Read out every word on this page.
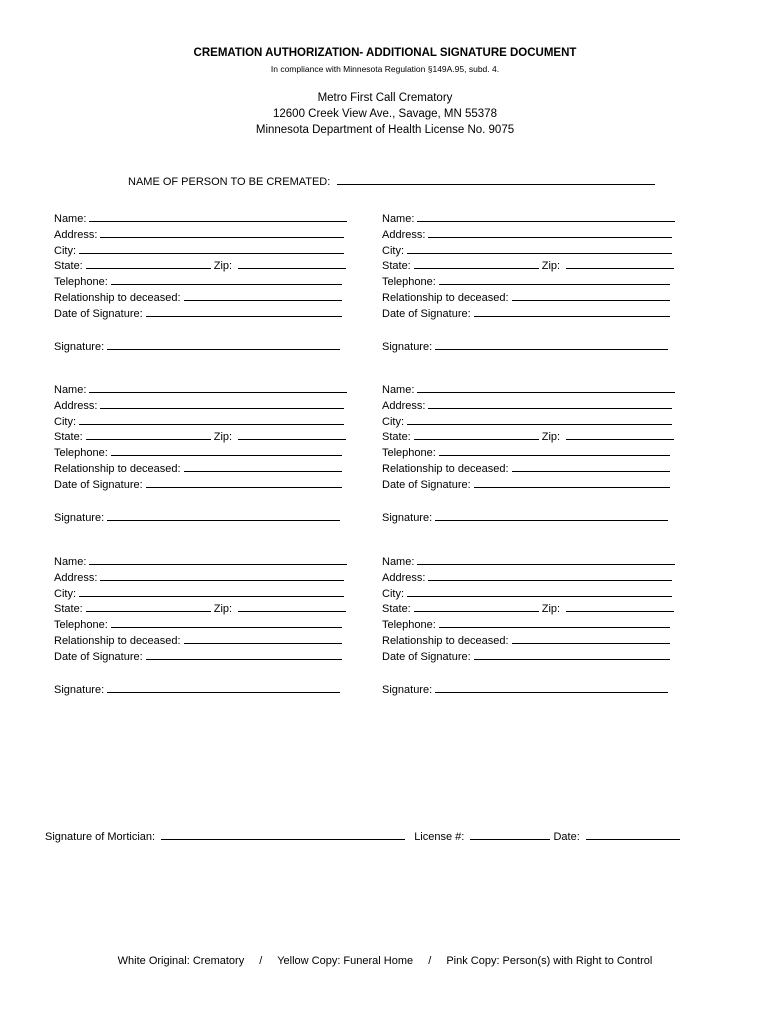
CREMATION AUTHORIZATION- ADDITIONAL SIGNATURE DOCUMENT
In compliance with Minnesota Regulation §149A.95, subd. 4.
Metro First Call Crematory
12600 Creek View Ave., Savage, MN 55378
Minnesota Department of Health License No. 9075
NAME OF PERSON TO BE CREMATED:
Name:
Address:
City:
State:	Zip:
Telephone:
Relationship to deceased:
Date of Signature:
Signature:
Name:
Address:
City:
State:	Zip:
Telephone:
Relationship to deceased:
Date of Signature:
Signature:
Name:
Address:
City:
State:	Zip:
Telephone:
Relationship to deceased:
Date of Signature:
Signature:
Name:
Address:
City:
State:	Zip:
Telephone:
Relationship to deceased:
Date of Signature:
Signature:
Name:
Address:
City:
State:	Zip:
Telephone:
Relationship to deceased:
Date of Signature:
Signature:
Name:
Address:
City:
State:	Zip:
Telephone:
Relationship to deceased:
Date of Signature:
Signature:
Signature of Mortician:	License #:	Date:
White Original: Crematory / Yellow Copy: Funeral Home / Pink Copy: Person(s) with Right to Control
